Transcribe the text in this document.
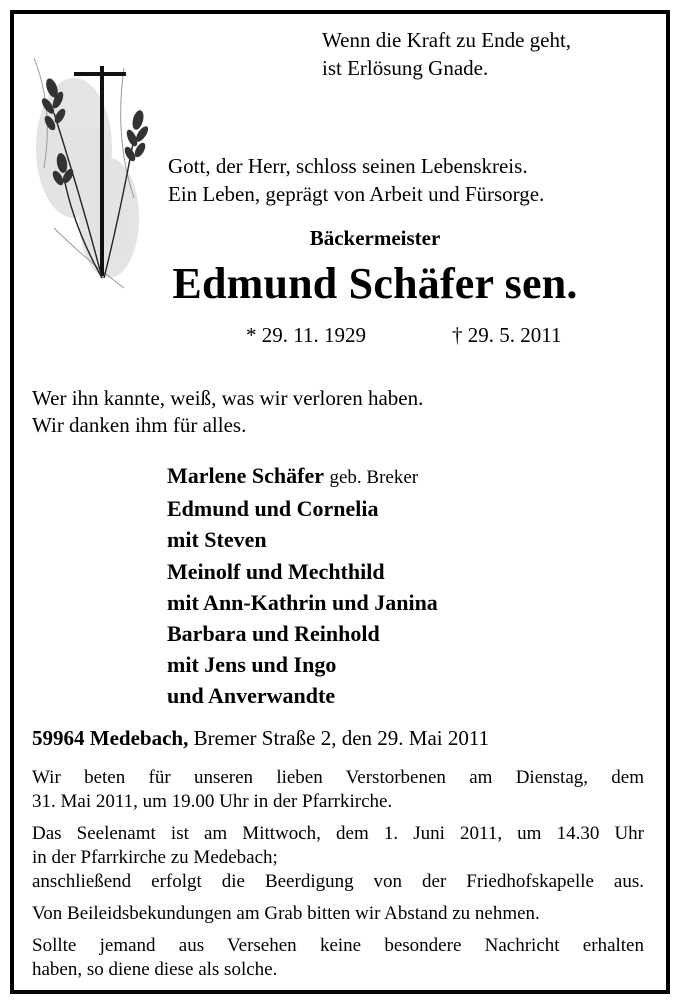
Wenn die Kraft zu Ende geht,
ist Erlösung Gnade.
Gott, der Herr, schloss seinen Lebenskreis.
Ein Leben, geprägt von Arbeit und Fürsorge.
Bäckermeister
Edmund Schäfer sen.
* 29. 11. 1929	† 29. 5. 2011
Wer ihn kannte, weiß, was wir verloren haben.
Wir danken ihm für alles.
Marlene Schäfer geb. Breker
Edmund und Cornelia
mit Steven
Meinolf und Mechthild
mit Ann-Kathrin und Janina
Barbara und Reinhold
mit Jens und Ingo
und Anverwandte
59964 Medebach, Bremer Straße 2, den 29. Mai 2011
Wir beten für unseren lieben Verstorbenen am Dienstag, dem
31. Mai 2011, um 19.00 Uhr in der Pfarrkirche.
Das Seelenamt ist am Mittwoch, dem 1. Juni 2011, um 14.30 Uhr
in der Pfarrkirche zu Medebach;
anschließend erfolgt die Beerdigung von der Friedhofskapelle aus.
Von Beileidsbekundungen am Grab bitten wir Abstand zu nehmen.
Sollte jemand aus Versehen keine besondere Nachricht erhalten
haben, so diene diese als solche.
